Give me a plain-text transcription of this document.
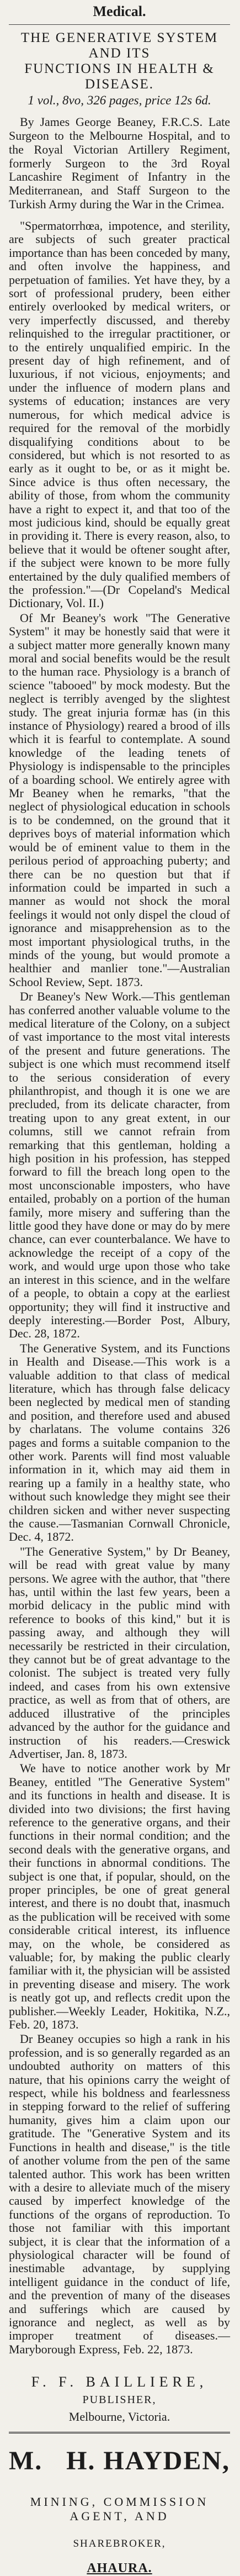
Medical.

THE GENERATIVE SYSTEM

AND ITS

FUNCTIONS IN HEALTH & DISEASE.

1 vol., 8vo, 326 pages, price 12s 6d.

By James George Beaney, F.R.C.S. Late Surgeon to the Melbourne Hospital, and to the Royal Victorian Artillery Regiment, formerly Surgeon to the 3rd Royal Lancashire Regiment of Infantry in the Mediterranean, and Staff Surgeon to the Turkish Army during the War in the Crimea.

"Spermatorrhœa, impotence, and sterility, are subjects of such greater practical importance than has been conceded by many, and often involve the happiness, and perpetuation of families. Yet have they, by a sort of professional prudery, been either entirely overlooked by medical writers, or very imperfectly discussed, and thereby relinquished to the irregular practitioner, or to the entirely unqualified empiric. In the present day of high refinement, and of luxurious, if not vicious, enjoyments; and under the influence of modern plans and systems of education; instances are very numerous, for which medical advice is required for the removal of the morbidly disqualifying conditions about to be considered, but which is not resorted to as early as it ought to be, or as it might be. Since advice is thus often necessary, the ability of those, from whom the community have a right to expect it, and that too of the most judicious kind, should be equally great in providing it. There is every reason, also, to believe that it would be oftener sought after, if the subject were known to be more fully entertained by the duly qualified members of the profession."—(Dr Copeland's Medical Dictionary, Vol. II.)

Of Mr Beaney's work "The Generative System" it may be honestly said that were it a subject matter more generally known many moral and social benefits would be the result to the human race. Physiology is a branch of science "tabooed" by mock modesty. But the neglect is terribly avenged by the slightest study. The great injuria formæ has (in this instance of Physiology) reared a brood of ills which it is fearful to contemplate. A sound knowledge of the leading tenets of Physiology is indispensable to the principles of a boarding school. We entirely agree with Mr Beaney when he remarks, "that the neglect of physiological education in schools is to be condemned, on the ground that it deprives boys of material information which would be of eminent value to them in the perilous period of approaching puberty; and there can be no question but that if information could be imparted in such a manner as would not shock the moral feelings it would not only dispel the cloud of ignorance and misapprehension as to the most important physiological truths, in the minds of the young, but would promote a healthier and manlier tone."—Australian School Review, Sept. 1873.

Dr Beaney's New Work.—This gentleman has conferred another valuable volume to the medical literature of the Colony, on a subject of vast importance to the most vital interests of the present and future generations. The subject is one which must recommend itself to the serious consideration of every philanthropist, and though it is one we are precluded, from its delicate character, from treating upon to any great extent, in our columns, still we cannot refrain from remarking that this gentleman, holding a high position in his profession, has stepped forward to fill the breach long open to the most unconscionable imposters, who have entailed, probably on a portion of the human family, more misery and suffering than the little good they have done or may do by mere chance, can ever counterbalance. We have to acknowledge the receipt of a copy of the work, and would urge upon those who take an interest in this science, and in the welfare of a people, to obtain a copy at the earliest opportunity; they will find it instructive and deeply interesting.—Border Post, Albury, Dec. 28, 1872.

The Generative System, and its Functions in Health and Disease.—This work is a valuable addition to that class of medical literature, which has through false delicacy been neglected by medical men of standing and position, and therefore used and abused by charlatans. The volume contains 326 pages and forms a suitable companion to the other work. Parents will find most valuable information in it, which may aid them in rearing up a family in a healthy state, who without such knowledge they might see their children sicken and wither never suspecting the cause.—Tasmanian Cornwall Chronicle, Dec. 4, 1872.

"The Generative System," by Dr Beaney, will be read with great value by many persons. We agree with the author, that "there has, until within the last few years, been a morbid delicacy in the public mind with reference to books of this kind," but it is passing away, and although they will necessarily be restricted in their circulation, they cannot but be of great advantage to the colonist. The subject is treated very fully indeed, and cases from his own extensive practice, as well as from that of others, are adduced illustrative of the principles advanced by the author for the guidance and instruction of his readers.—Creswick Advertiser, Jan. 8, 1873.

We have to notice another work by Mr Beaney, entitled "The Generative System" and its functions in health and disease. It is divided into two divisions; the first having reference to the generative organs, and their functions in their normal condition; and the second deals with the generative organs, and their functions in abnormal conditions. The subject is one that, if popular, should, on the proper principles, be one of great general interest, and there is no doubt that, inasmuch as the publication will be received with some considerable critical interest, its influence may, on the whole, be considered as valuable; for, by making the public clearly familiar with it, the physician will be assisted in preventing disease and misery. The work is neatly got up, and reflects credit upon the publisher.—Weekly Leader, Hokitika, N.Z., Feb. 20, 1873.

Dr Beaney occupies so high a rank in his profession, and is so generally regarded as an undoubted authority on matters of this nature, that his opinions carry the weight of respect, while his boldness and fearlessness in stepping forward to the relief of suffering humanity, gives him a claim upon our gratitude. The "Generative System and its Functions in health and disease," is the title of another volume from the pen of the same talented author. This work has been written with a desire to alleviate much of the misery caused by imperfect knowledge of the functions of the organs of reproduction. To those not familiar with this important subject, it is clear that the information of a physiological character will be found of inestimable advantage, by supplying intelligent guidance in the conduct of life, and the prevention of many of the diseases and sufferings which are caused by ignorance and neglect, as well as by improper treatment of diseases.—Maryborough Express, Feb. 22, 1873.

F. F. BAILLIERE,
PUBLISHER,
Melbourne, Victoria.
M. H. HAYDEN,
MINING, COMMISSION AGENT, AND
SHAREBROKER,
AHAURA.
